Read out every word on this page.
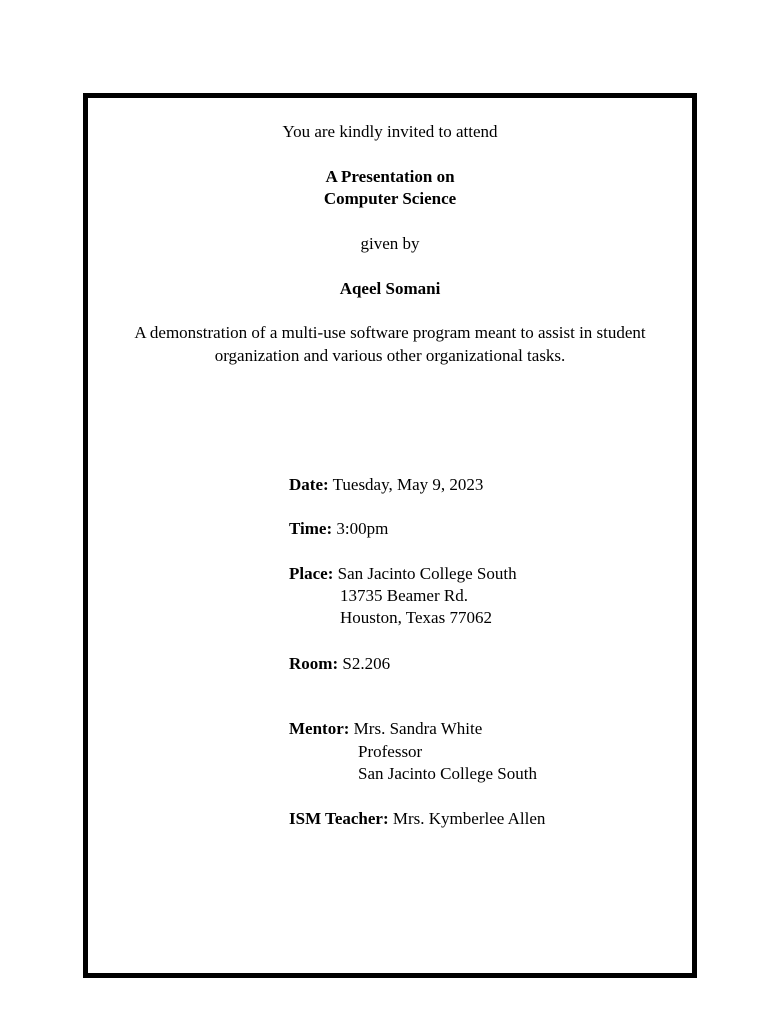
You are kindly invited to attend
A Presentation on
Computer Science
given by
Aqeel Somani
A demonstration of a multi-use software program meant to assist in student
organization and various other organizational tasks.
Date: Tuesday, May 9, 2023
Time: 3:00pm
Place: San Jacinto College South
13735 Beamer Rd.
Houston, Texas 77062
Room: S2.206
Mentor: Mrs. Sandra White
Professor
San Jacinto College South
ISM Teacher: Mrs. Kymberlee Allen
